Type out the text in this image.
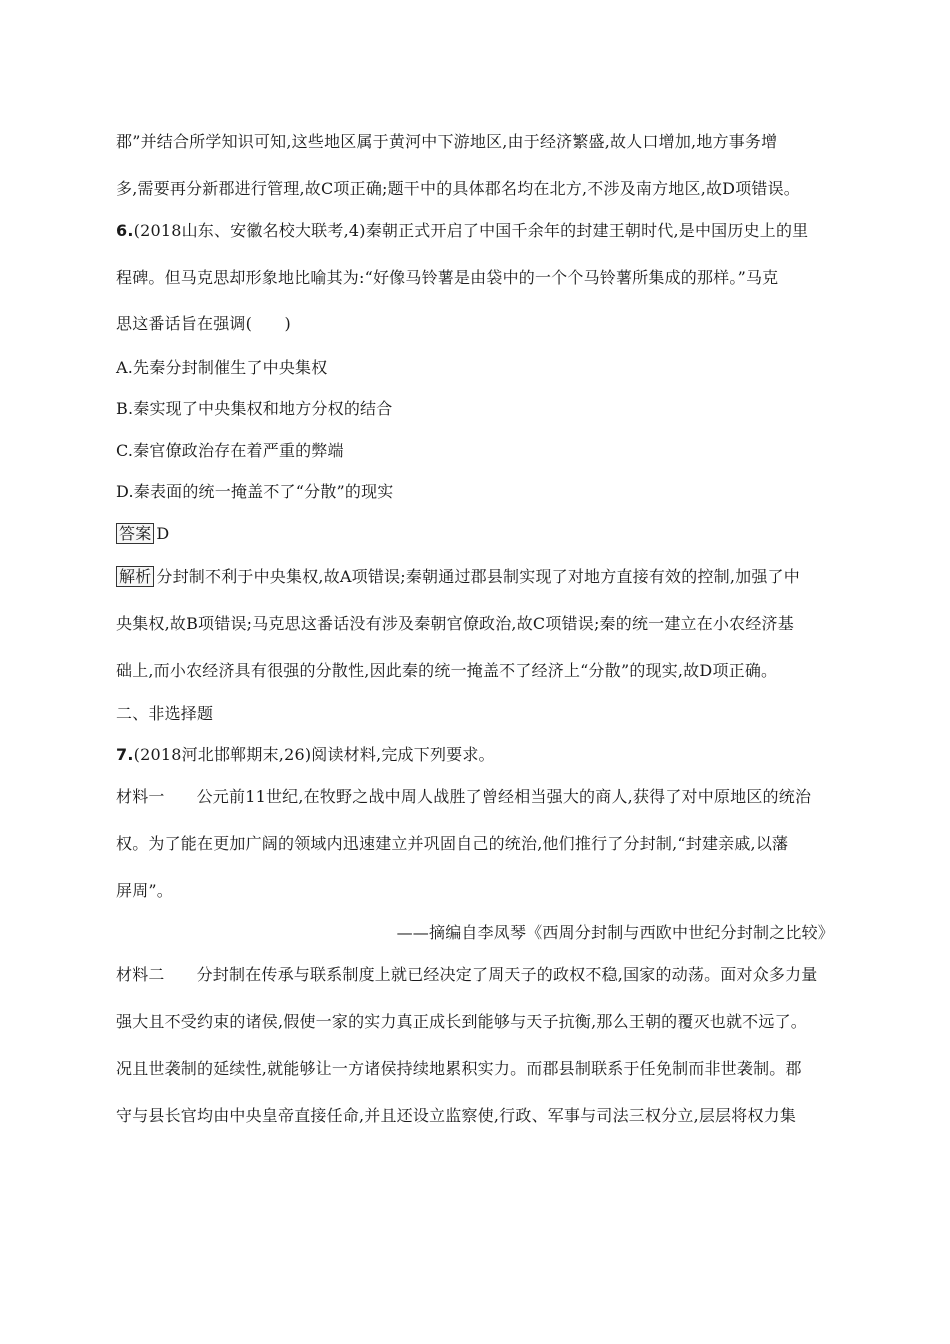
郡”并结合所学知识可知,这些地区属于黄河中下游地区,由于经济繁盛,故人口增加,地方事务增
多,需要再分新郡进行管理,故C项正确;题干中的具体郡名均在北方,不涉及南方地区,故D项错误。
6.(2018山东、安徽名校大联考,4)秦朝正式开启了中国千余年的封建王朝时代,是中国历史上的里
程碑。但马克思却形象地比喻其为:“好像马铃薯是由袋中的一个个马铃薯所集成的那样。”马克
思这番话旨在强调(　　)
A.先秦分封制催生了中央集权
B.秦实现了中央集权和地方分权的结合
C.秦官僚政治存在着严重的弊端
D.秦表面的统一掩盖不了“分散”的现实
答案 D
解析 分封制不利于中央集权,故A项错误;秦朝通过郡县制实现了对地方直接有效的控制,加强了中
央集权,故B项错误;马克思这番话没有涉及秦朝官僚政治,故C项错误;秦的统一建立在小农经济基
础上,而小农经济具有很强的分散性,因此秦的统一掩盖不了经济上“分散”的现实,故D项正确。
二、非选择题
7.(2018河北邯郸期末,26)阅读材料,完成下列要求。
材料一 公元前11世纪,在牧野之战中周人战胜了曾经相当强大的商人,获得了对中原地区的统治
权。为了能在更加广阔的领域内迅速建立并巩固自己的统治,他们推行了分封制,“封建亲戚,以藩
屏周”。
——摘编自李凤琴《西周分封制与西欧中世纪分封制之比较》
材料二 分封制在传承与联系制度上就已经决定了周天子的政权不稳,国家的动荡。面对众多力量
强大且不受约束的诸侯,假使一家的实力真正成长到能够与天子抗衡,那么王朝的覆灭也就不远了。
况且世袭制的延续性,就能够让一方诸侯持续地累积实力。而郡县制联系于任免制而非世袭制。郡
守与县长官均由中央皇帝直接任命,并且还设立监察使,行政、军事与司法三权分立,层层将权力集
